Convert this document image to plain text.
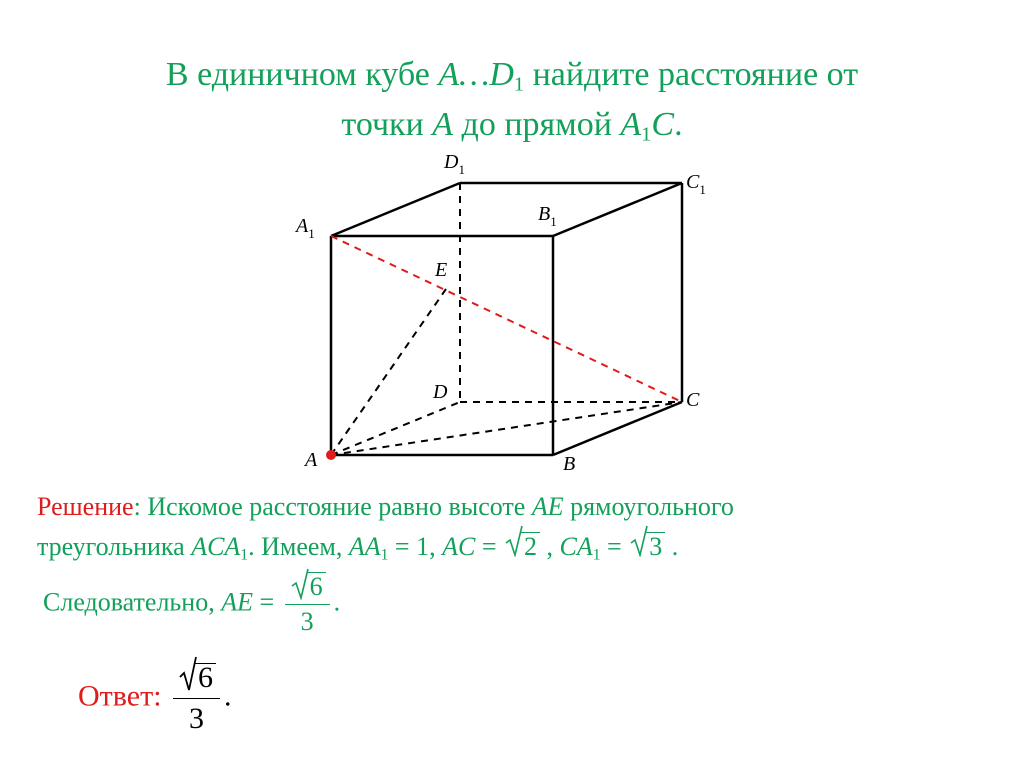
В единичном кубе $A\dots D_1$ найдите расстояние от
точки A до прямой $A_1C$.
$D_1$
$C_1$
$B_1$
$A_1$
E
D	C
A	B
Решение: Искомое расстояние равно высоте AE рямоугольного
треугольника $ACA_1$. Имеем, $AA_1 = 1$, AC =
2 , $CA_1$ =
3 .
Следовательно, AE = $\frac{6}{3}$ .
Ответ: $\frac{6}{3}$ .
